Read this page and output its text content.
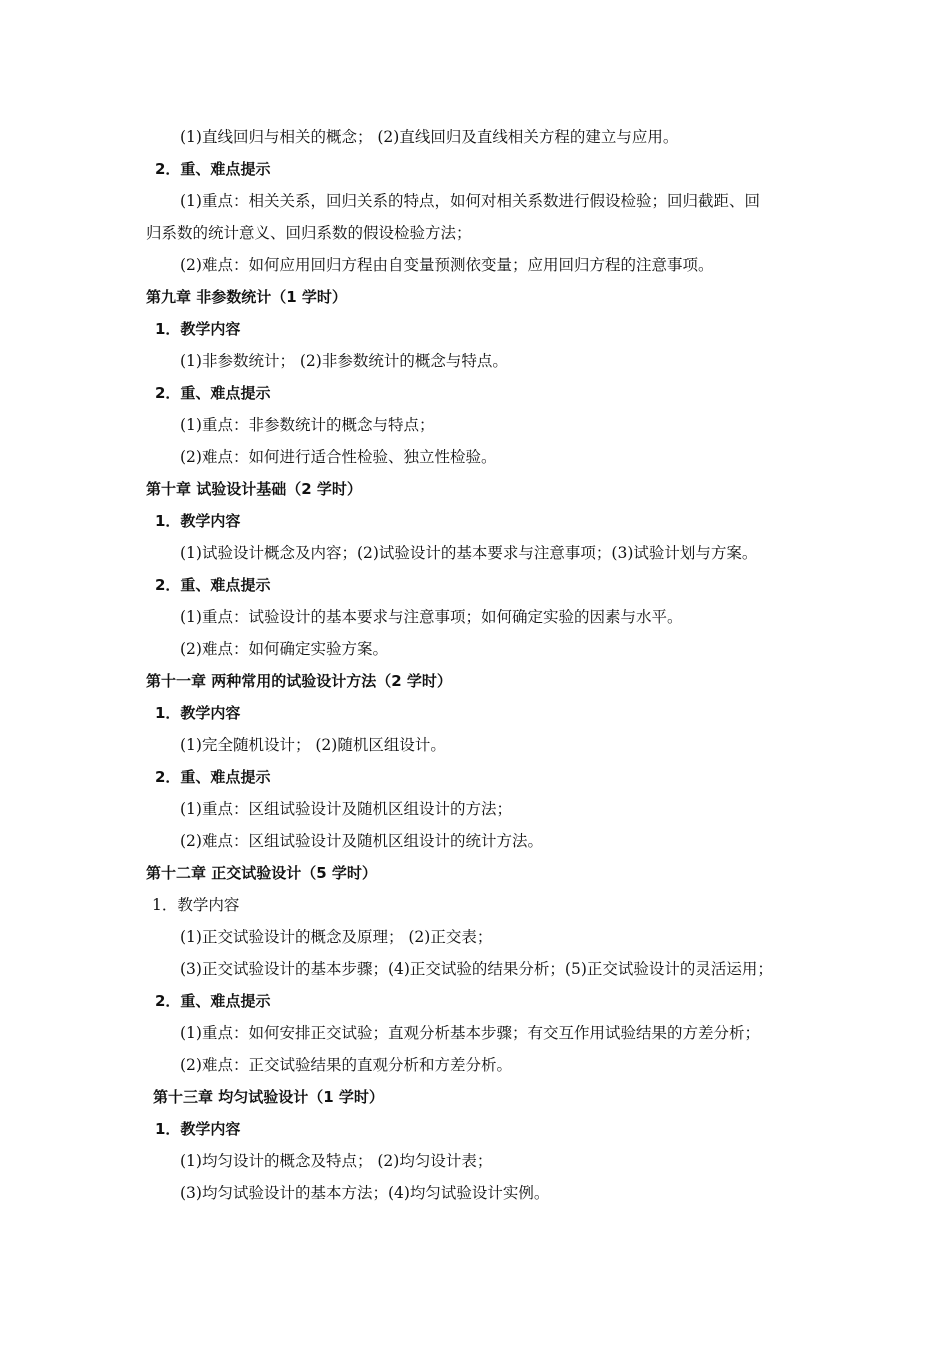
(1)直线回归与相关的概念； (2)直线回归及直线相关方程的建立与应用。
2．重、难点提示
(1)重点：相关关系，回归关系的特点，如何对相关系数进行假设检验；回归截距、回
归系数的统计意义、回归系数的假设检验方法；
(2)难点：如何应用回归方程由自变量预测依变量；应用回归方程的注意事项。
第九章 非参数统计（1 学时）
1．教学内容
(1)非参数统计； (2)非参数统计的概念与特点。
2．重、难点提示
(1)重点：非参数统计的概念与特点；
(2)难点：如何进行适合性检验、独立性检验。
第十章 试验设计基础（2 学时）
1．教学内容
(1)试验设计概念及内容；(2)试验设计的基本要求与注意事项；(3)试验计划与方案。
2．重、难点提示
(1)重点：试验设计的基本要求与注意事项；如何确定实验的因素与水平。
(2)难点：如何确定实验方案。
第十一章 两种常用的试验设计方法（2 学时）
1．教学内容
(1)完全随机设计； (2)随机区组设计。
2．重、难点提示
(1)重点：区组试验设计及随机区组设计的方法；
(2)难点：区组试验设计及随机区组设计的统计方法。
第十二章 正交试验设计（5 学时）
1．教学内容
(1)正交试验设计的概念及原理； (2)正交表；
(3)正交试验设计的基本步骤；(4)正交试验的结果分析；(5)正交试验设计的灵活运用；
2．重、难点提示
(1)重点：如何安排正交试验；直观分析基本步骤；有交互作用试验结果的方差分析；
(2)难点：正交试验结果的直观分析和方差分析。
第十三章 均匀试验设计（1 学时）
1．教学内容
(1)均匀设计的概念及特点； (2)均匀设计表；
(3)均匀试验设计的基本方法；(4)均匀试验设计实例。
